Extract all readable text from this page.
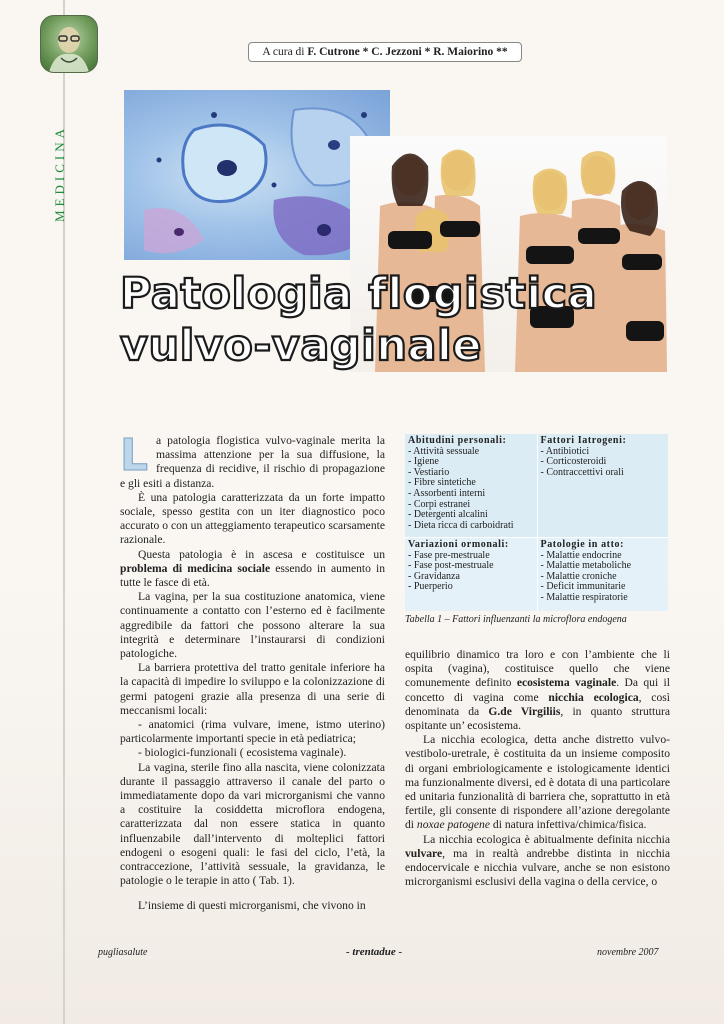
MEDICINA
A cura di F. Cutrone * C. Jezzoni * R. Maiorino **
Patologia flogistica
vulvo-vaginale

La patologia flogistica vulvo-vaginale merita la massima attenzione per la sua diffusione, la frequenza di recidive, il rischio di propagazione e gli esiti a distanza.

È una patologia caratterizzata da un forte impatto sociale, spesso gestita con un iter diagnostico poco accurato o con un atteggiamento terapeutico scarsamente razionale.

Questa patologia è in ascesa e costituisce un problema di medicina sociale essendo in aumento in tutte le fasce di età.

La vagina, per la sua costituzione anatomica, viene continuamente a contatto con l’esterno ed è facilmente aggredibile da fattori che possono alterare la sua integrità e determinare l’instaurarsi di condizioni patologiche.

La barriera protettiva del tratto genitale inferiore ha la capacità di impedire lo sviluppo e la colonizzazione di germi patogeni grazie alla presenza di una serie di meccanismi locali:

- anatomici (rima vulvare, imene, istmo uterino) particolarmente importanti specie in età pediatrica;

- biologici-funzionali ( ecosistema vaginale).

La vagina, sterile fino alla nascita, viene colonizzata durante il passaggio attraverso il canale del parto o immediatamente dopo da vari microrganismi che vanno a costituire la cosiddetta microflora endogena, caratterizzata dal non essere statica in quanto influenzabile dall’intervento di molteplici fattori endogeni o esogeni quali: le fasi del ciclo, l’età, la contraccezione, l’attività sessuale, la gravidanza, le patologie o le terapie in atto ( Tab. 1).

L’insieme di questi microrganismi, che vivono in

Abitudini personali:
- Attività sessuale
- Igiene
- Vestiario
- Fibre sintetiche
- Assorbenti interni
- Corpi estranei
- Detergenti alcalini
- Dieta ricca di carboidrati
Fattori Iatrogeni:
- Antibiotici
- Corticosteroidi
- Contraccettivi orali
Variazioni ormonali:
- Fase pre-mestruale
- Fase post-mestruale
- Gravidanza
- Puerperio
Patologie in atto:
- Malattie endocrine
- Malattie metaboliche
- Malattie croniche
- Deficit immunitarie
- Malattie respiratorie
Tabella 1 – Fattori influenzanti la microflora endogena

equilibrio dinamico tra loro e con l’ambiente che li ospita (vagina), costituisce quello che viene comunemente definito ecosistema vaginale. Da qui il concetto di vagina come nicchia ecologica, così denominata da G.de Virgiliis, in quanto struttura ospitante un’ ecosistema.

La nicchia ecologica, detta anche distretto vulvo-vestibolo-uretrale, è costituita da un insieme composito di organi embriologicamente e istologicamente identici ma funzionalmente diversi, ed è dotata di una particolare ed unitaria funzionalità di barriera che, soprattutto in età fertile, gli consente di rispondere all’azione deregolante di noxae patogene di natura infettiva/chimica/fisica.

La nicchia ecologica è abitualmente definita nicchia vulvare, ma in realtà andrebbe distinta in nicchia endocervicale e nicchia vulvare, anche se non esistono microrganismi esclusivi della vagina o della cervice, o

pugliasalute	- trentadue -	novembre 2007
